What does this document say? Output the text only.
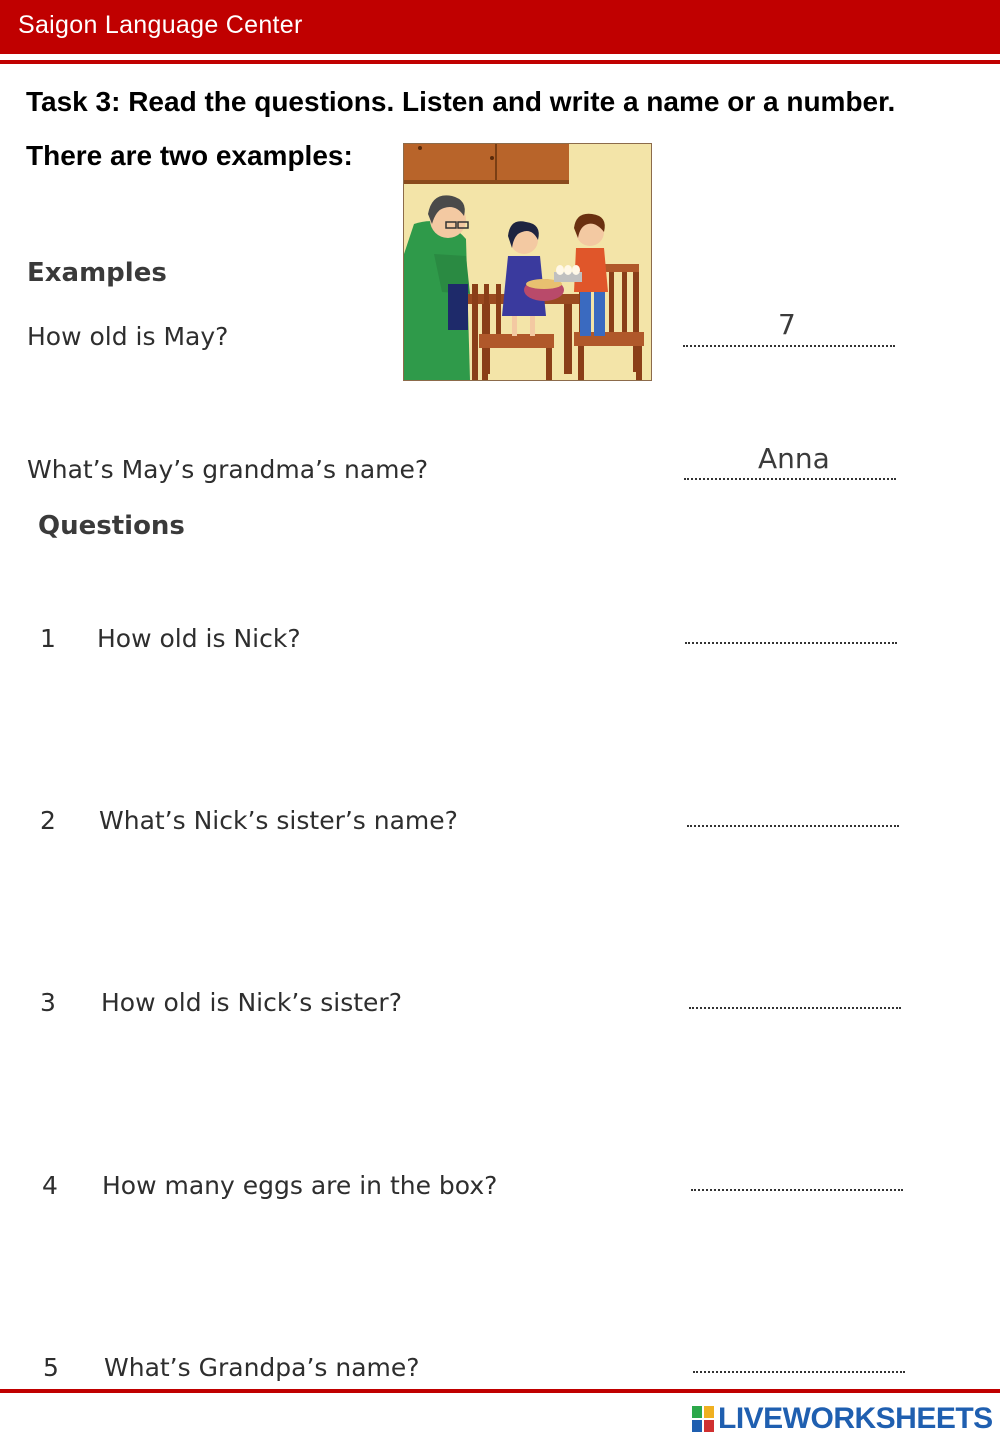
Saigon Language Center
Task 3: Read the questions. Listen and write a name or a number.
There are two examples:
Examples
How old is May?	7
What’s May’s grandma’s name?	Anna
Questions
1 How old is Nick?
2 What’s Nick’s sister’s name?
3 How old is Nick’s sister?
4 How many eggs are in the box?
5 What’s Grandpa’s name?
LIVEWORKSHEETS
